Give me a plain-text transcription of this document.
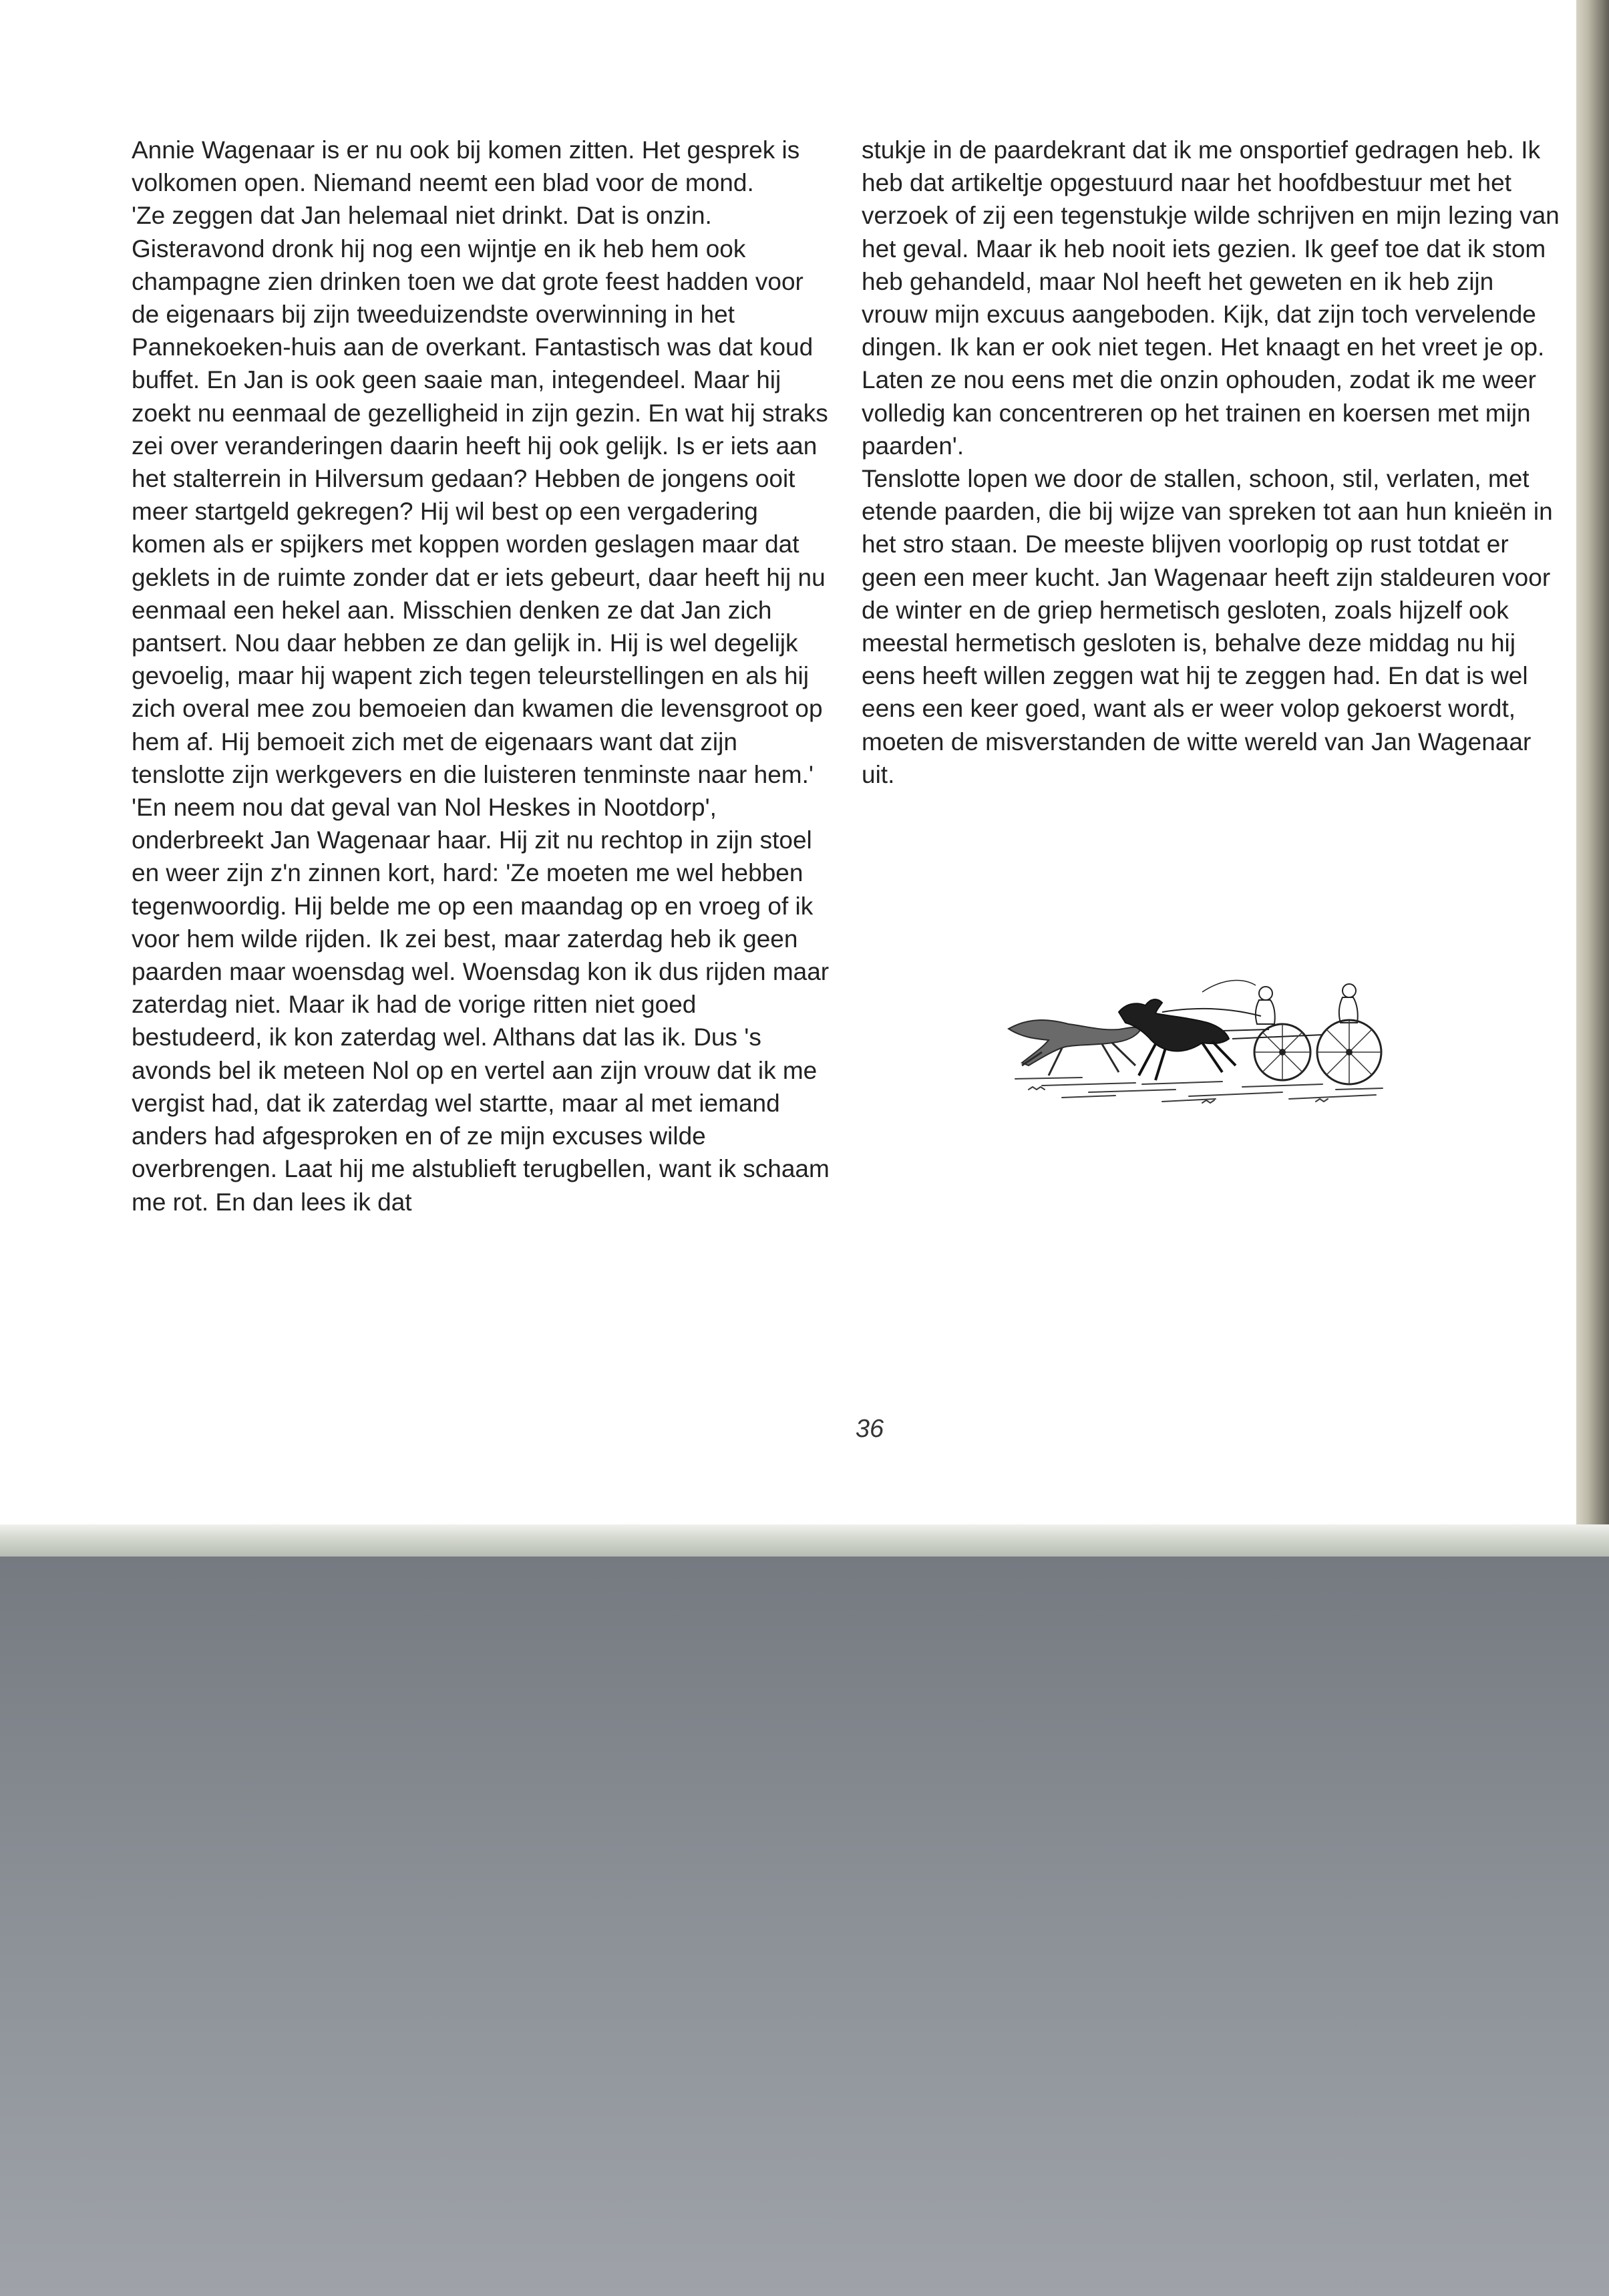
Annie Wagenaar is er nu ook bij komen zitten. Het gesprek is volkomen open. Niemand neemt een blad voor de mond.

'Ze zeggen dat Jan helemaal niet drinkt. Dat is onzin. Gisteravond dronk hij nog een wijntje en ik heb hem ook champagne zien drinken toen we dat grote feest hadden voor de eigenaars bij zijn tweeduizendste overwinning in het Pannekoeken-huis aan de overkant. Fantastisch was dat koud buffet. En Jan is ook geen saaie man, integendeel. Maar hij zoekt nu eenmaal de gezelligheid in zijn gezin. En wat hij straks zei over veranderingen daarin heeft hij ook gelijk. Is er iets aan het stalterrein in Hilversum gedaan? Hebben de jongens ooit meer startgeld gekregen? Hij wil best op een vergadering komen als er spijkers met koppen worden geslagen maar dat geklets in de ruimte zonder dat er iets gebeurt, daar heeft hij nu eenmaal een hekel aan. Misschien denken ze dat Jan zich pantsert. Nou daar hebben ze dan gelijk in. Hij is wel degelijk gevoelig, maar hij wapent zich tegen teleurstellingen en als hij zich overal mee zou bemoeien dan kwamen die levensgroot op hem af. Hij bemoeit zich met de eigenaars want dat zijn tenslotte zijn werkgevers en die luisteren tenminste naar hem.'

'En neem nou dat geval van Nol Heskes in Nootdorp', onderbreekt Jan Wagenaar haar. Hij zit nu rechtop in zijn stoel en weer zijn z'n zinnen kort, hard: 'Ze moeten me wel hebben tegenwoordig. Hij belde me op een maandag op en vroeg of ik voor hem wilde rijden. Ik zei best, maar zaterdag heb ik geen paarden maar woensdag wel. Woensdag kon ik dus rijden maar zaterdag niet. Maar ik had de vorige ritten niet goed bestudeerd, ik kon zaterdag wel. Althans dat las ik. Dus 's avonds bel ik meteen Nol op en vertel aan zijn vrouw dat ik me vergist had, dat ik zaterdag wel startte, maar al met iemand anders had afgesproken en of ze mijn excuses wilde overbrengen. Laat hij me alstublieft terugbellen, want ik schaam me rot. En dan lees ik dat

stukje in de paardekrant dat ik me onsportief gedragen heb. Ik heb dat artikeltje opgestuurd naar het hoofdbestuur met het verzoek of zij een tegenstukje wilde schrijven en mijn lezing van het geval. Maar ik heb nooit iets gezien. Ik geef toe dat ik stom heb gehandeld, maar Nol heeft het geweten en ik heb zijn vrouw mijn excuus aangeboden. Kijk, dat zijn toch vervelende dingen. Ik kan er ook niet tegen. Het knaagt en het vreet je op. Laten ze nou eens met die onzin ophouden, zodat ik me weer volledig kan concentreren op het trainen en koersen met mijn paarden'.

Tenslotte lopen we door de stallen, schoon, stil, verlaten, met etende paarden, die bij wijze van spreken tot aan hun knieën in het stro staan. De meeste blijven voorlopig op rust totdat er geen een meer kucht. Jan Wagenaar heeft zijn staldeuren voor de winter en de griep hermetisch gesloten, zoals hijzelf ook meestal hermetisch gesloten is, behalve deze middag nu hij eens heeft willen zeggen wat hij te zeggen had. En dat is wel eens een keer goed, want als er weer volop gekoerst wordt, moeten de misverstanden de witte wereld van Jan Wagenaar uit.

36
